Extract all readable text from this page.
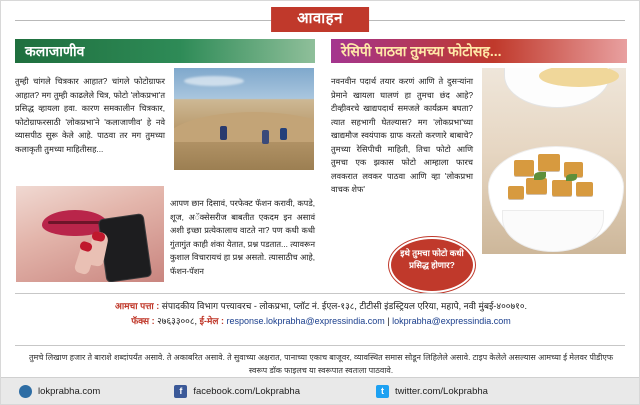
आवाहन
कलाजाणीव	रेसिपी पाठवा तुमच्या फोटोसह...

तुम्ही चांगले चित्रकार आहात? चांगले फोटोग्राफर आहात? मग तुम्ही काढलेले चित्र, फोटो 'लोकप्रभा'त प्रसिद्ध व्हायला हवा. कारण समकालीन चित्रकार, फोटोग्राफरसाठी 'लोकप्रभा'ने 'कलाजाणीव' हे नवे व्यासपीठ सुरू केले आहे. पाठवा तर मग तुमच्या कलाकृती तुमच्या माहितीसह...

आपण छान दिसावं, परफेक्ट फॅशन करावी, कपडे, शूज, अॅक्सेसरीज बाबतीत एकदम इन असावं अशी इच्छा प्रत्येकालाच वाटते ना? पण कधी कधी गुंतागुंत काही शंका येतात, प्रश्न पडतात... त्यावरून कुशाल विचारायचं हा प्रश्न असतो. त्यासाठीच आहे, फॅशन-पॅशन

नवनवीन पदार्थ तयार करणं आणि ते दुसऱ्यांना प्रेमाने खायला घालणं हा तुमचा छंद आहे? टीव्हीवरचे खाद्यपदार्थ समजले कार्यक्रम बघता? त्यात सहभागी घेतल्यास? मग 'लोकप्रभा'च्या खाद्यमौज स्वयंपाक ग्राफ करतो करणारे बाबाचे? तुमच्या रेसिपीची माहिती, तिचा फोटो आणि तुमचा एक झकास फोटो आम्हाला फारच लवकरात लवकर पाठवा आणि व्हा 'लोकप्रभा वाचक शेफ'

इथे तुमचा फोटो कधी प्रसिद्ध होणार?
आमचा पत्ता : संपादकीय विभाग पत्त्यावरच - लोकप्रभा, प्लॉट नं. ईएल-१३८, टीटीसी इंडस्ट्रियल एरिया, महापे, नवी मुंबई-४००७१०.
फॅक्स : २७६३३००८, ई-मेल : response.lokprabha@expressindia.com | lokprabha@expressindia.com
तुमचे लिखाण हजार ते बाराशे शब्दांपर्यंत असावे. ते अकाबरित असावे. ते सुवाच्या अक्षरात, पानाच्या एकाच बाजूवर, व्यावस्थित समास सोडून लिहिलेले असावे. टाइप केलेले असल्यास आमच्या ई मेलवर पीडीएफ स्वरूप डॉक फाइलच या स्वरूपात स्वतःला पाठवावे.
lokprabha.com	f	facebook.com/Lokprabha	t	twitter.com/Lokprabha
